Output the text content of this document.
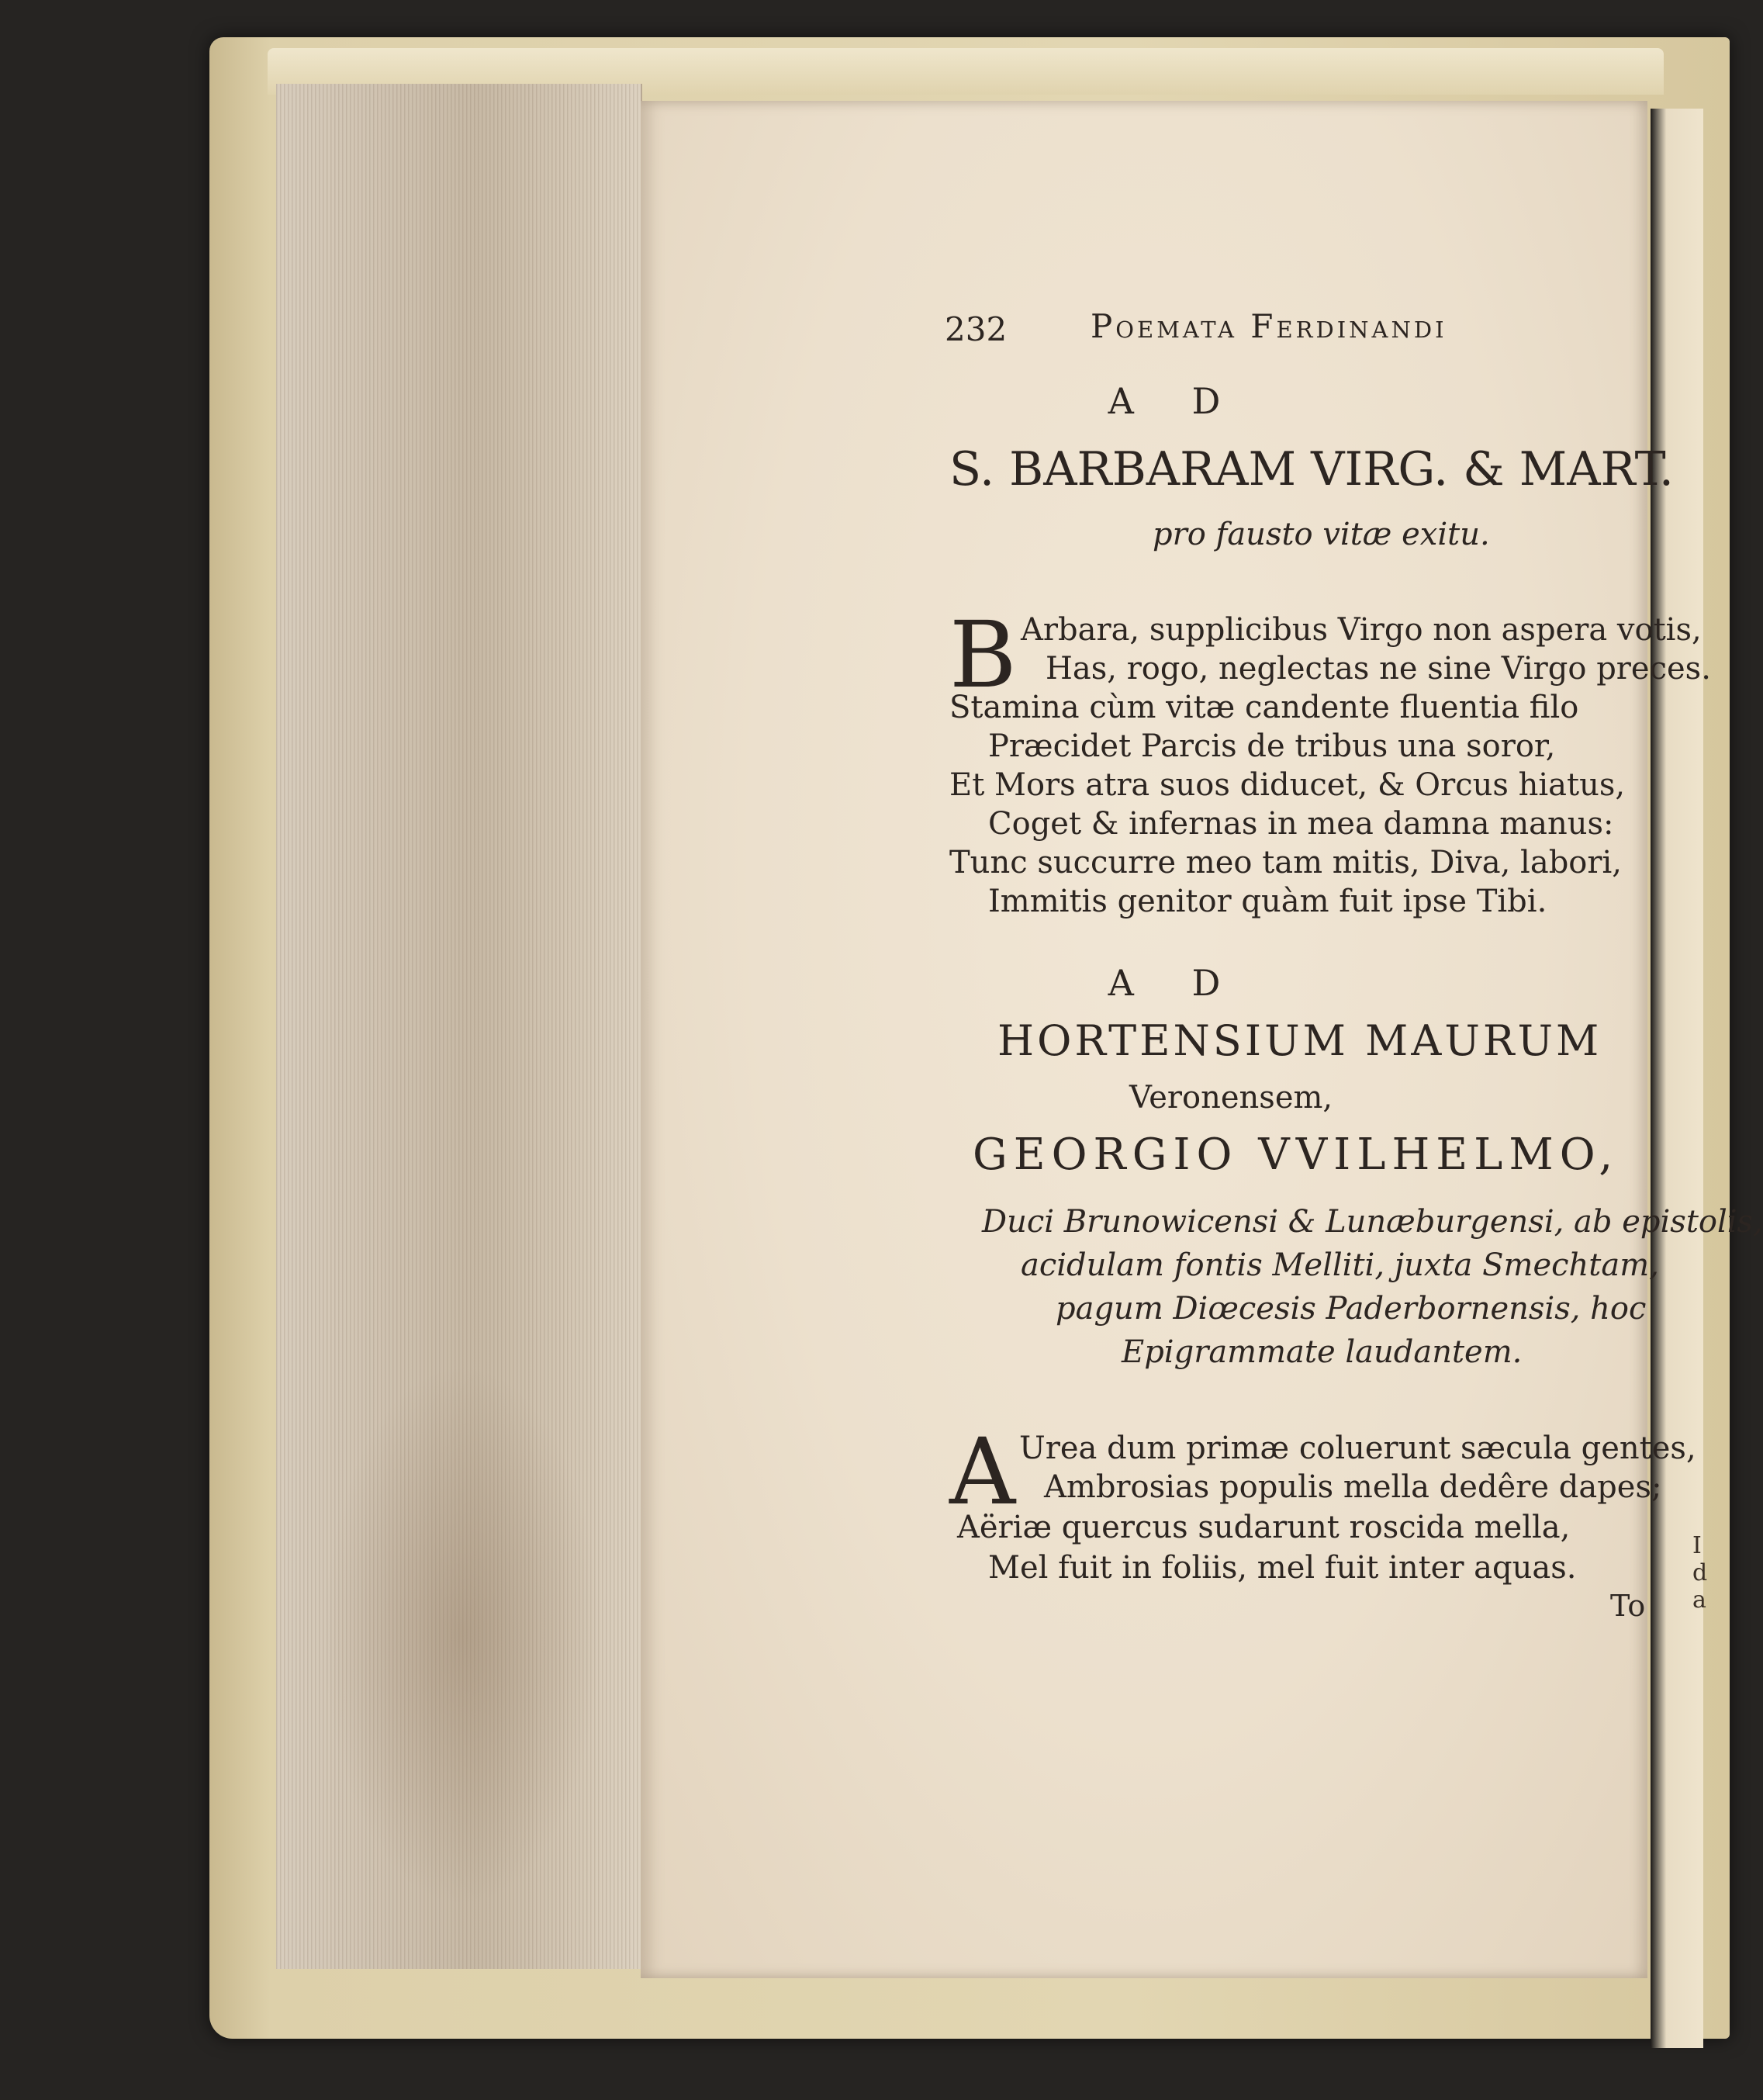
I
d
a
232	Poemata Ferdinandi
A D
S. BARBARAM VIRG. & MART.
pro fausto vitæ exitu.
B Arbara, supplicibus Virgo non aspera votis,
Has, rogo, neglectas ne sine Virgo preces.
Stamina cùm vitæ candente fluentia filo
Præcidet Parcis de tribus una soror,
Et Mors atra suos diducet, & Orcus hiatus,
Coget & infernas in mea damna manus:
Tunc succurre meo tam mitis, Diva, labori,
Immitis genitor quàm fuit ipse Tibi.
A D
HORTENSIUM MAURUM
Veronensem,
GEORGIO VVILHELMO,
Duci Brunowicensi & Lunæburgensi, ab epistolis,
acidulam fontis Melliti, juxta Smechtam,
pagum Diœcesis Paderbornensis, hoc
Epigrammate laudantem.
A Urea dum primæ coluerunt sæcula gentes,
Ambrosias populis mella dedêre dapes;
Aëriæ quercus sudarunt roscida mella,
Mel fuit in foliis, mel fuit inter aquas.
To
